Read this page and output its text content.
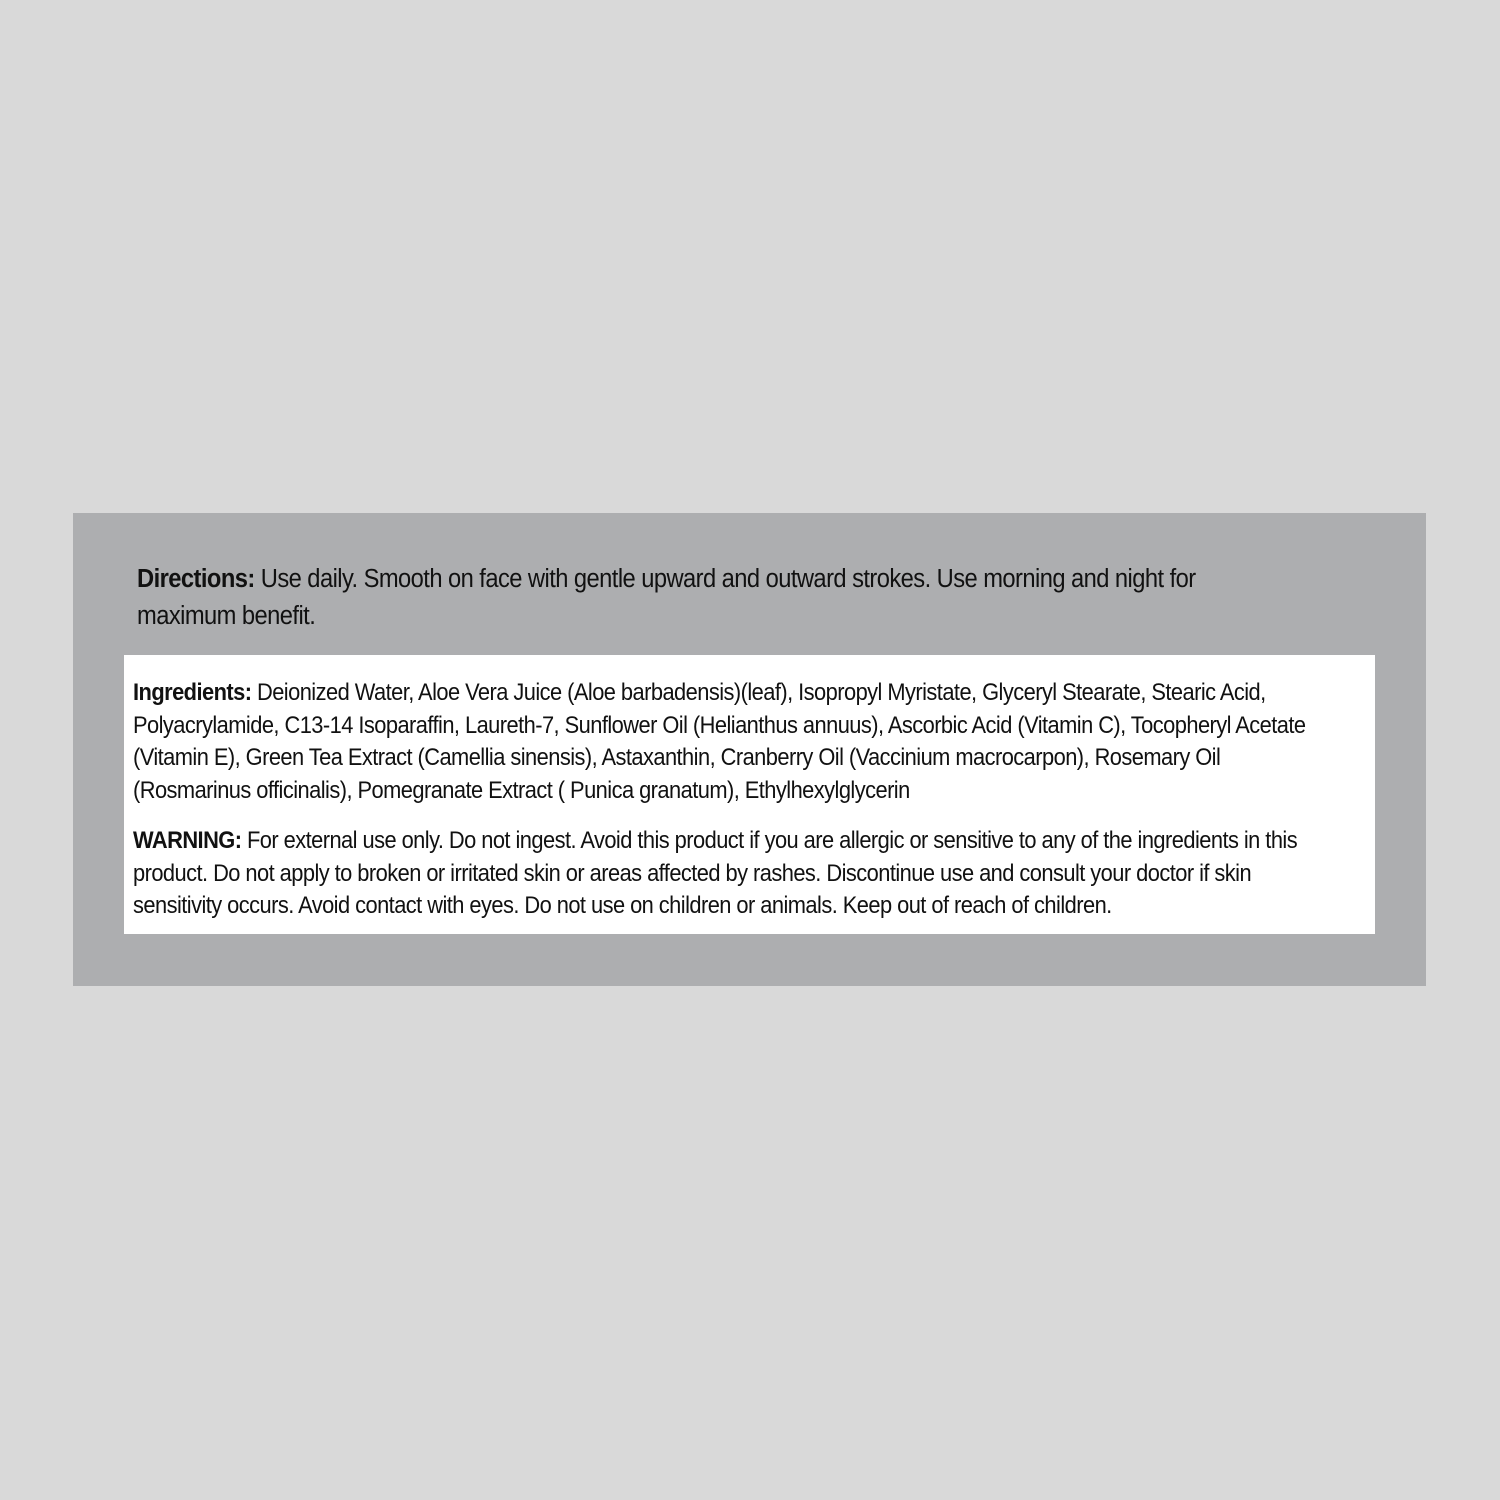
Directions: Use daily. Smooth on face with gentle upward and outward strokes. Use morning and night for maximum benefit.
Ingredients: Deionized Water, Aloe Vera Juice (Aloe barbadensis)(leaf), Isopropyl Myristate, Glyceryl Stearate, Stearic Acid, Polyacrylamide, C13-14 Isoparaffin, Laureth-7, Sunflower Oil (Helianthus annuus), Ascorbic Acid (Vitamin C), Tocopheryl Acetate (Vitamin E), Green Tea Extract (Camellia sinensis), Astaxanthin, Cranberry Oil (Vaccinium macrocarpon), Rosemary Oil (Rosmarinus officinalis), Pomegranate Extract ( Punica granatum), Ethylhexylglycerin
WARNING: For external use only. Do not ingest. Avoid this product if you are allergic or sensitive to any of the ingredients in this product. Do not apply to broken or irritated skin or areas affected by rashes. Discontinue use and consult your doctor if skin sensitivity occurs. Avoid contact with eyes. Do not use on children or animals. Keep out of reach of children.
